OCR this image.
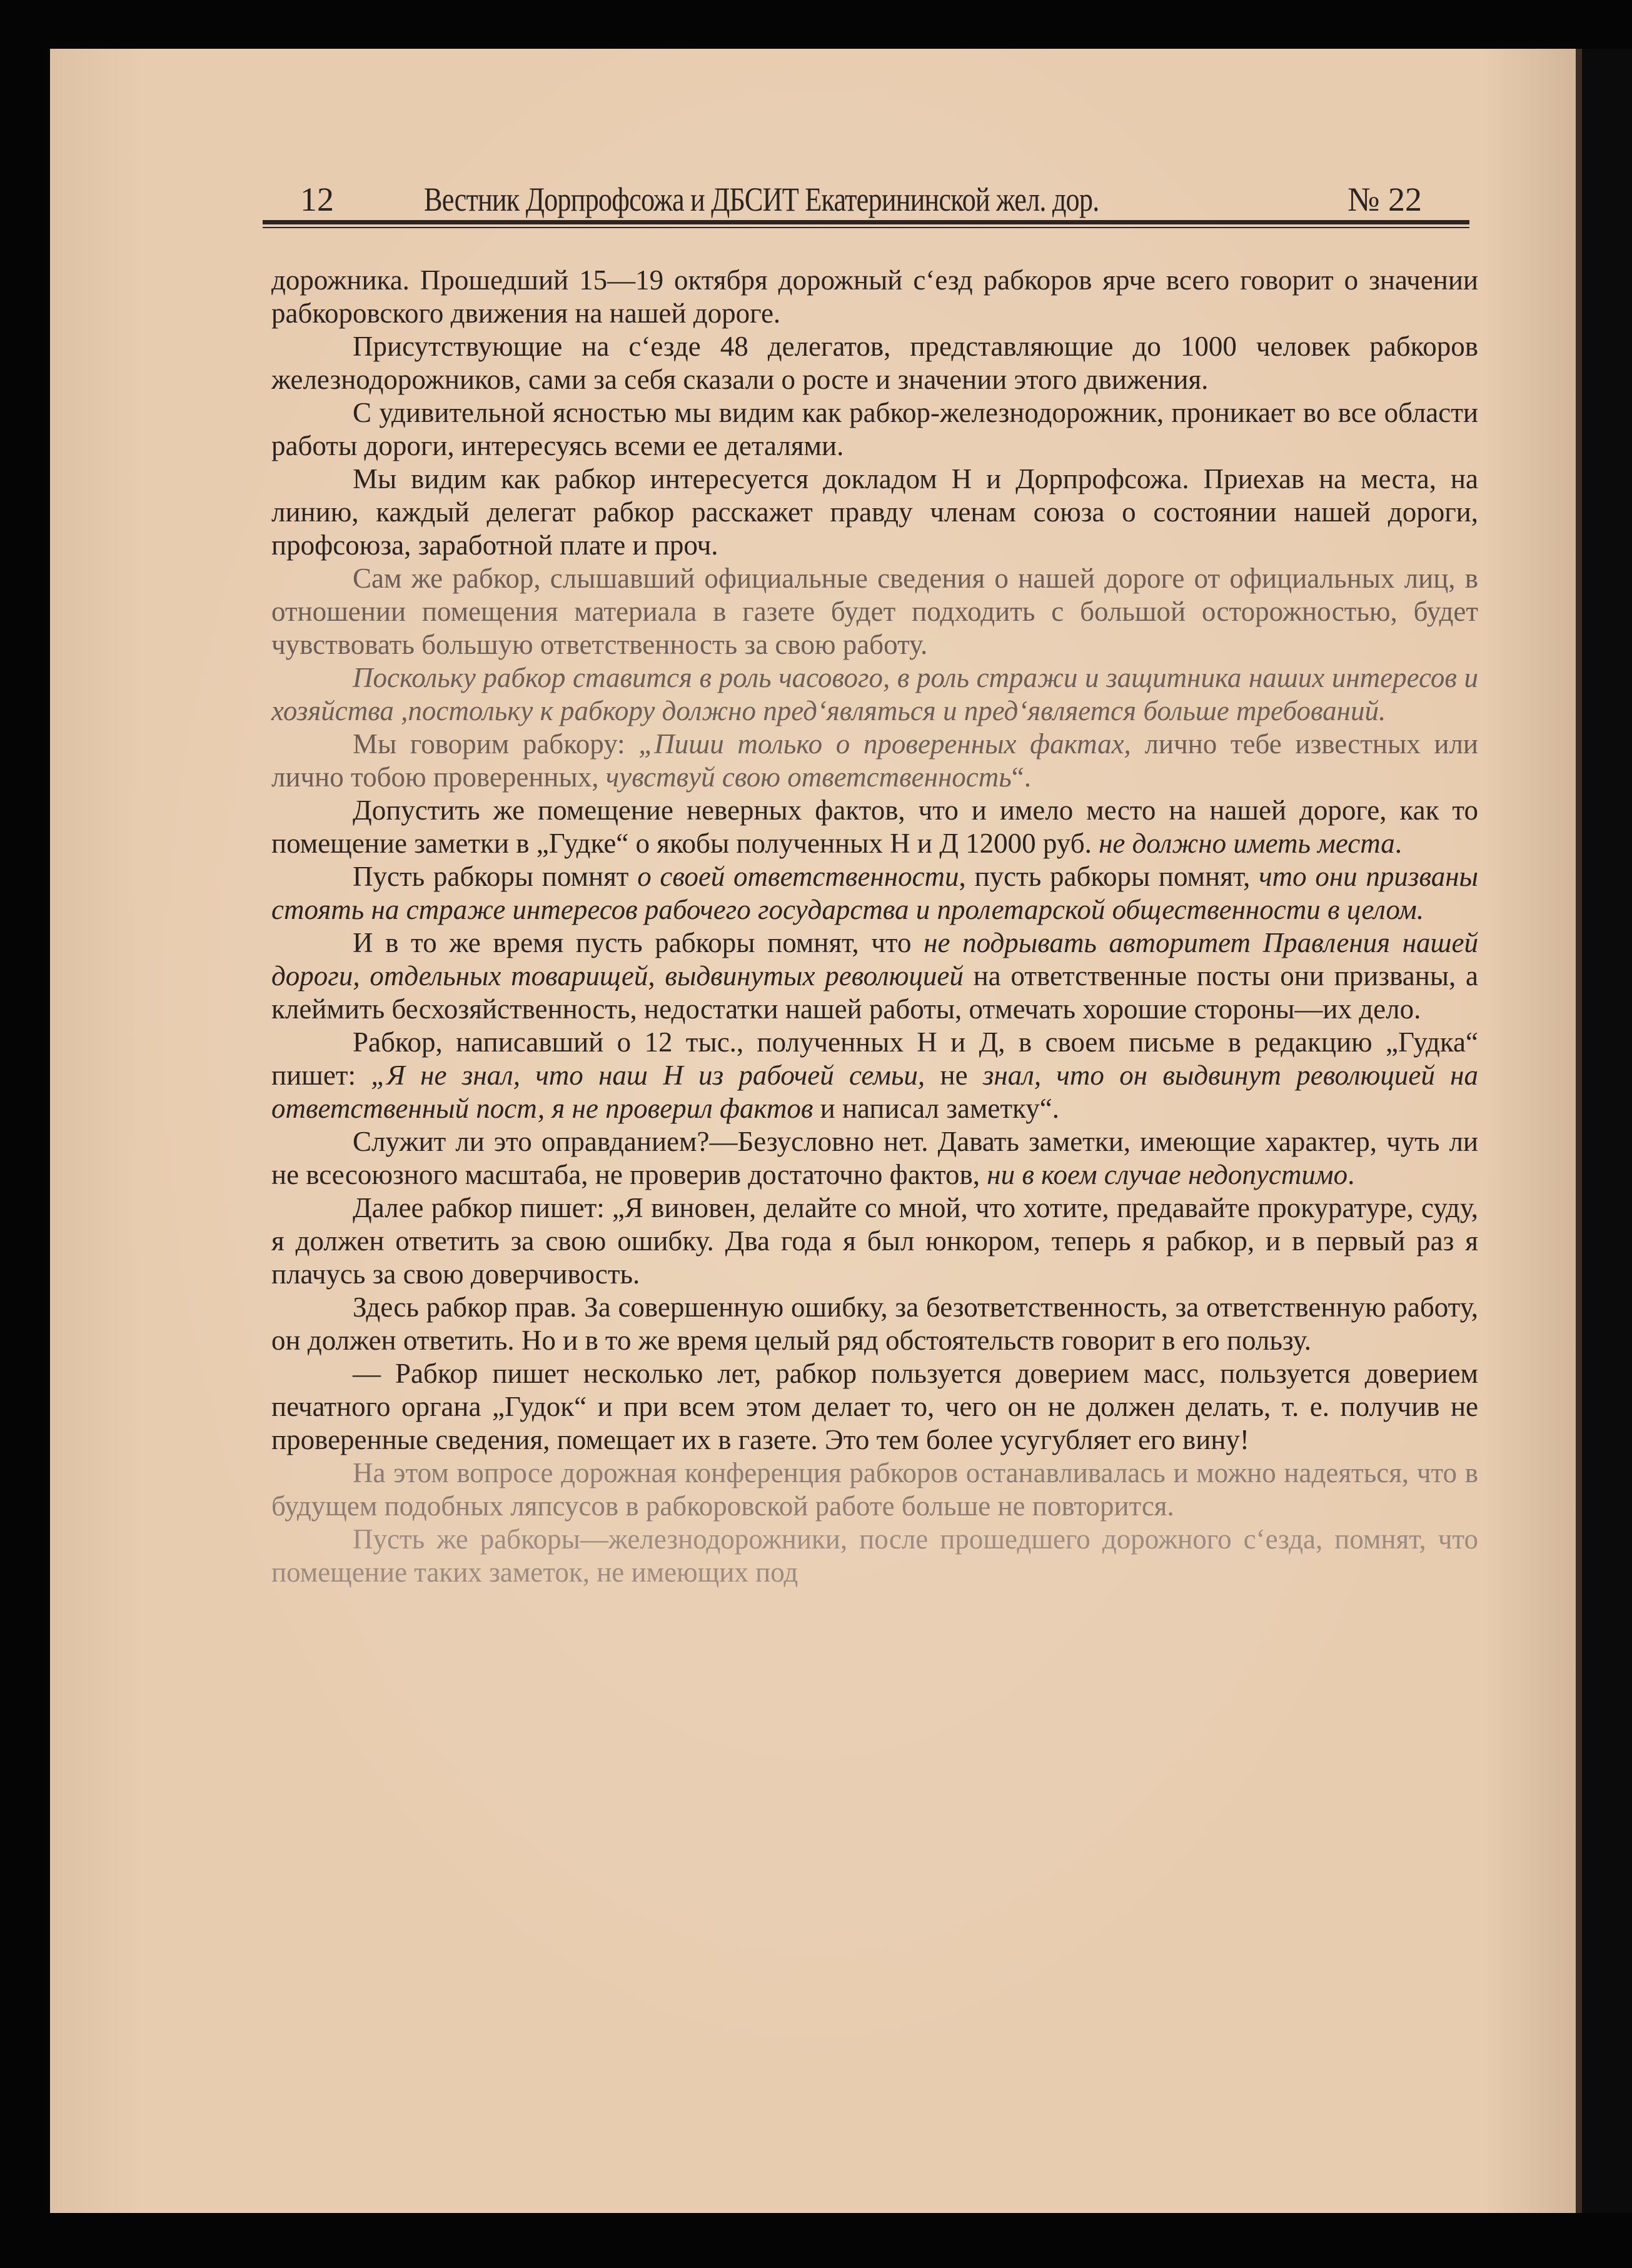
12	Вестник Дорпрофсожа и ДБСИТ Екатерининской жел. дор.	№ 22

дорожника. Прошедший 15—19 октября дорожный с‘езд рабкоров ярче всего говорит о значении рабкоровского движения на нашей дороге.

Присутствующие на с‘езде 48 делегатов, представляющие до 1000 человек рабкоров железнодорожников, сами за себя сказали о росте и значении этого движения.

С удивительной ясностью мы видим как рабкор-железнодорожник, проникает во все области работы дороги, интересуясь всеми ее деталями.

Мы видим как рабкор интересуется докладом Н и Дорпрофсожа. Приехав на места, на линию, каждый делегат рабкор расскажет правду членам союза о состоянии нашей дороги, профсоюза, заработной плате и проч.

Сам же рабкор, слышавший официальные сведения о нашей дороге от официальных лиц, в отношении помещения материала в газете будет подходить с большой осторожностью, будет чувствовать большую ответственность за свою работу.

Поскольку рабкор ставится в роль часового, в роль стражи и защитника наших интересов и хозяйства ,постольку к рабкору должно пред‘являться и пред‘является больше требований.

Мы говорим рабкору: „Пиши только о проверенных фактах, лично тебе известных или лично тобою проверенных, чувствуй свою ответственность“.

Допустить же помещение неверных фактов, что и имело место на нашей дороге, как то помещение заметки в „Гудке“ о якобы полученных Н и Д 12000 руб. не должно иметь места.

Пусть рабкоры помнят о своей ответственности, пусть рабкоры помнят, что они призваны стоять на страже интересов рабочего государства и пролетарской общественности в целом.

И в то же время пусть рабкоры помнят, что не подрывать авторитет Правления нашей дороги, отдельных товарищей, выдвинутых революцией на ответственные посты они призваны, а клеймить бесхозяйственность, недостатки нашей работы, отмечать хорошие стороны—их дело.

Рабкор, написавший о 12 тыс., полученных Н и Д, в своем письме в редакцию „Гудка“ пишет: „Я не знал, что наш Н из рабочей семьи, не знал, что он выдвинут революцией на ответственный пост, я не проверил фактов и написал заметку“.

Служит ли это оправданием?—Безусловно нет. Давать заметки, имеющие характер, чуть ли не всесоюзного масштаба, не проверив достаточно фактов, ни в коем случае недопустимо.

Далее рабкор пишет: „Я виновен, делайте со мной, что хотите, предавайте прокуратуре, суду, я должен ответить за свою ошибку. Два года я был юнкором, теперь я рабкор, и в первый раз я плачусь за свою доверчивость.

Здесь рабкор прав. За совершенную ошибку, за безответственность, за ответственную работу, он должен ответить. Но и в то же время целый ряд обстоятельств говорит в его пользу.

— Рабкор пишет несколько лет, рабкор пользуется доверием масс, пользуется доверием печатного органа „Гудок“ и при всем этом делает то, чего он не должен делать, т. е. получив не проверенные сведения, помещает их в газете. Это тем более усугубляет его вину!

На этом вопросе дорожная конференция рабкоров останавливалась и можно надеяться, что в будущем подобных ляпсусов в рабкоровской работе больше не повторится.

Пусть же рабкоры—железнодорожники, после прошедшего дорожного с‘езда, помнят, что помещение таких заметок, не имеющих под
